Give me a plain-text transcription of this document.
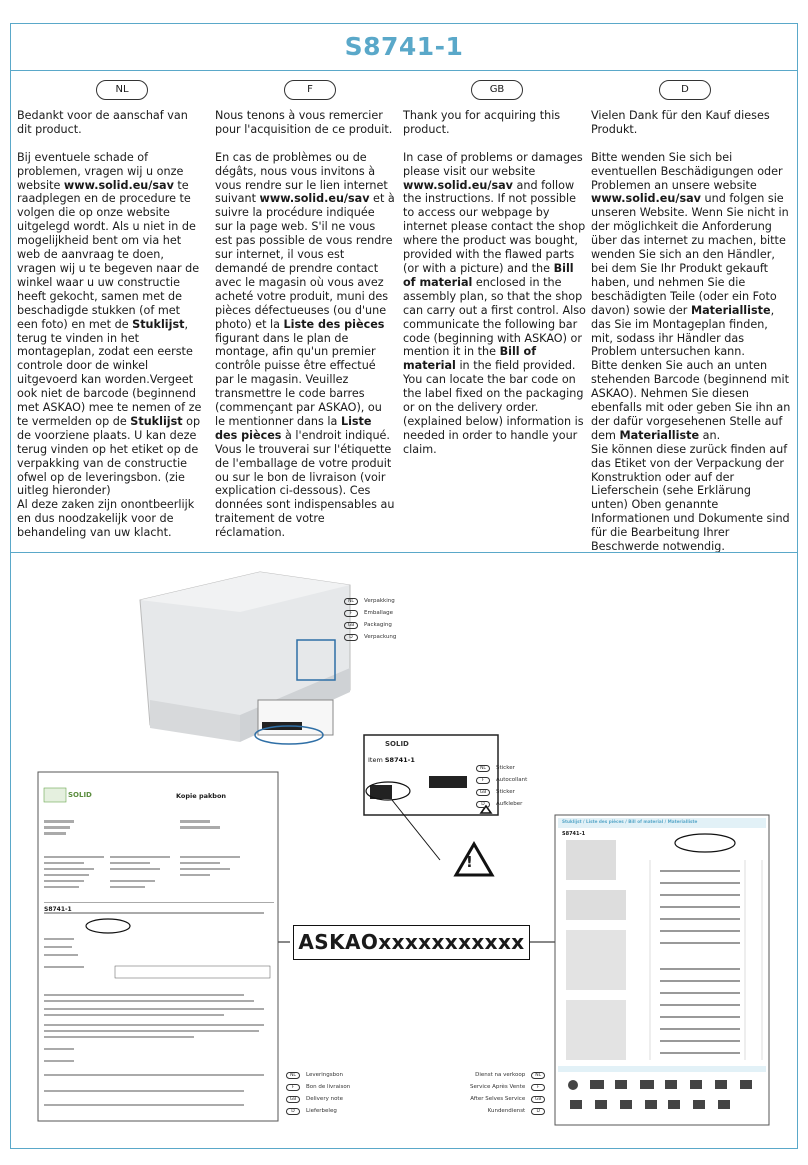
S8741-1
NL	F	GB	D
Bedankt voor de aanschaf van dit product.

Bij eventuele schade of problemen, vragen wij u onze website www.solid.eu/sav te raadplegen en de procedure te volgen die op onze website uitgelegd wordt. Als u niet in de mogelijkheid bent om via het web de aanvraag te doen, vragen wij u te begeven naar de winkel waar u uw constructie heeft gekocht, samen met de beschadigde stukken (of met een foto) en met de Stuklijst, terug te vinden in het montageplan, zodat een eerste controle door de winkel uitgevoerd kan worden.Vergeet ook niet de barcode (beginnend met ASKAO) mee te nemen of ze te vermelden op de Stuklijst op de voorziene plaats. U kan deze terug vinden op het etiket op de verpakking van de constructie ofwel op de leveringsbon. (zie uitleg hieronder)
Al deze zaken zijn onontbeerlijk en dus noodzakelijk voor de behandeling van uw klacht.
Nous tenons à vous remercier pour l'acquisition de ce produit.

En cas de problèmes ou de dégâts, nous vous invitons à vous rendre sur le lien internet suivant www.solid.eu/sav et à suivre la procédure indiquée sur la page web. S'il ne vous est pas possible de vous rendre sur internet, il vous est demandé de prendre contact avec le magasin où vous avez acheté votre produit, muni des pièces défectueuses (ou d'une photo) et la Liste des pièces figurant dans le plan de montage, afin qu'un premier contrôle puisse être effectué par le magasin. Veuillez transmettre le code barres (commençant par ASKAO), ou le mentionner dans la Liste des pièces à l'endroit indiqué. Vous le trouverai sur l'étiquette de l'emballage de votre produit ou sur le bon de livraison (voir explication ci-dessous). Ces données sont indispensables au traitement de votre réclamation.
Thank you for acquiring this product.

In case of problems or damages please visit our website www.solid.eu/sav and follow the instructions. If not possible to access our webpage by internet please contact the shop where the product was bought, provided with the flawed parts (or with a picture) and the Bill of material enclosed in the assembly plan, so that the shop can carry out a first control. Also communicate the following bar code (beginning with ASKAO) or mention it in the Bill of material in the field provided. You can locate the bar code on the label fixed on the packaging or on the delivery order. (explained below) information is needed in order to handle your claim.
Vielen Dank für den Kauf dieses Produkt.

Bitte wenden Sie sich bei eventuellen Beschädigungen oder Problemen an unsere website www.solid.eu/sav und folgen sie unseren Website. Wenn Sie nicht in der möglichkeit die Anforderung über das internet zu machen, bitte wenden Sie sich an den Händler, bei dem Sie Ihr Produkt gekauft haben, und nehmen Sie die beschädigten Teile (oder ein Foto davon) sowie der Materialliste, das Sie im Montageplan finden, mit, sodass ihr Händler das Problem untersuchen kann.
Bitte denken Sie auch an unten stehenden Barcode (beginnend mit ASKAO). Nehmen Sie diesen ebenfalls mit oder geben Sie ihn an der dafür vorgesehenen Stelle auf dem Materialliste an.
Sie können diese zurück finden auf das Etiket von der Verpackung der Konstruktion oder auf der Lieferschein (sehe Erklärung unten) Oben genannte Informationen und Dokumente sind für die Bearbeitung Ihrer Beschwerde notwendig.
SOLID
Item S8741-1
SOLID	Kopie pakbon
S8741-1
Stuklijst / Liste des pièces / Bill of material / Materialliste
S8741-1
ASKAOxxxxxxxxxxx
!
NL	Verpakking
F	Emballage
GB	Packaging
D	Verpackung
NL	Sticker
F	Autocollant
GB	Sticker
D	Aufkleber
NL	Leveringsbon
F	Bon de livraison
GB	Delivery note
D	Lieferbeleg
Dienst na verkoop	NL
Service Après Vente	F
After Selves Service	GB
Kundendienst	D
